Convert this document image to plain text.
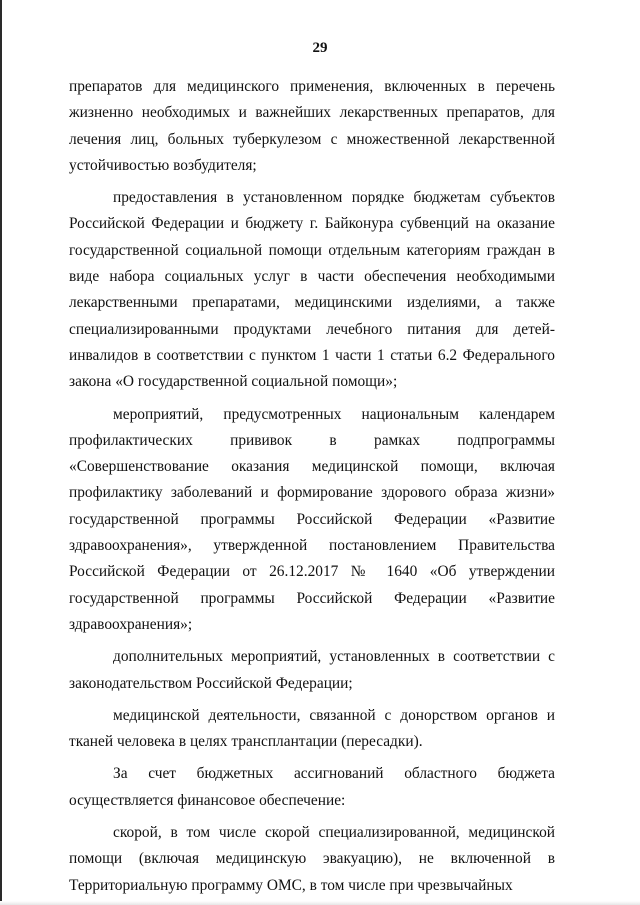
29

препаратов для медицинского применения, включенных в перечень жизненно необходимых и важнейших лекарственных препаратов, для лечения лиц, больных туберкулезом с множественной лекарственной устойчивостью возбудителя;

предоставления в установленном порядке бюджетам субъектов Российской Федерации и бюджету г. Байконура субвенций на оказание государственной социальной помощи отдельным категориям граждан в виде набора социальных услуг в части обеспечения необходимыми лекарственными препаратами, медицинскими изделиями, а также специализированными продуктами лечебного питания для детей-инвалидов в соответствии с пунктом 1 части 1 статьи 6.2 Федерального закона «О государственной социальной помощи»;

мероприятий, предусмотренных национальным календарем профилактических прививок в рамках подпрограммы «Совершенствование оказания медицинской помощи, включая профилактику заболеваний и формирование здорового образа жизни» государственной программы Российской Федерации «Развитие здравоохранения», утвержденной постановлением Правительства Российской Федерации от 26.12.2017 № 1640 «Об утверждении государственной программы Российской Федерации «Развитие здравоохранения»;

дополнительных мероприятий, установленных в соответствии с законодательством Российской Федерации;

медицинской деятельности, связанной с донорством органов и тканей человека в целях трансплантации (пересадки).

За счет бюджетных ассигнований областного бюджета осуществляется финансовое обеспечение:

скорой, в том числе скорой специализированной, медицинской помощи (включая медицинскую эвакуацию), не включенной в Территориальную программу ОМС, в том числе при чрезвычайных
